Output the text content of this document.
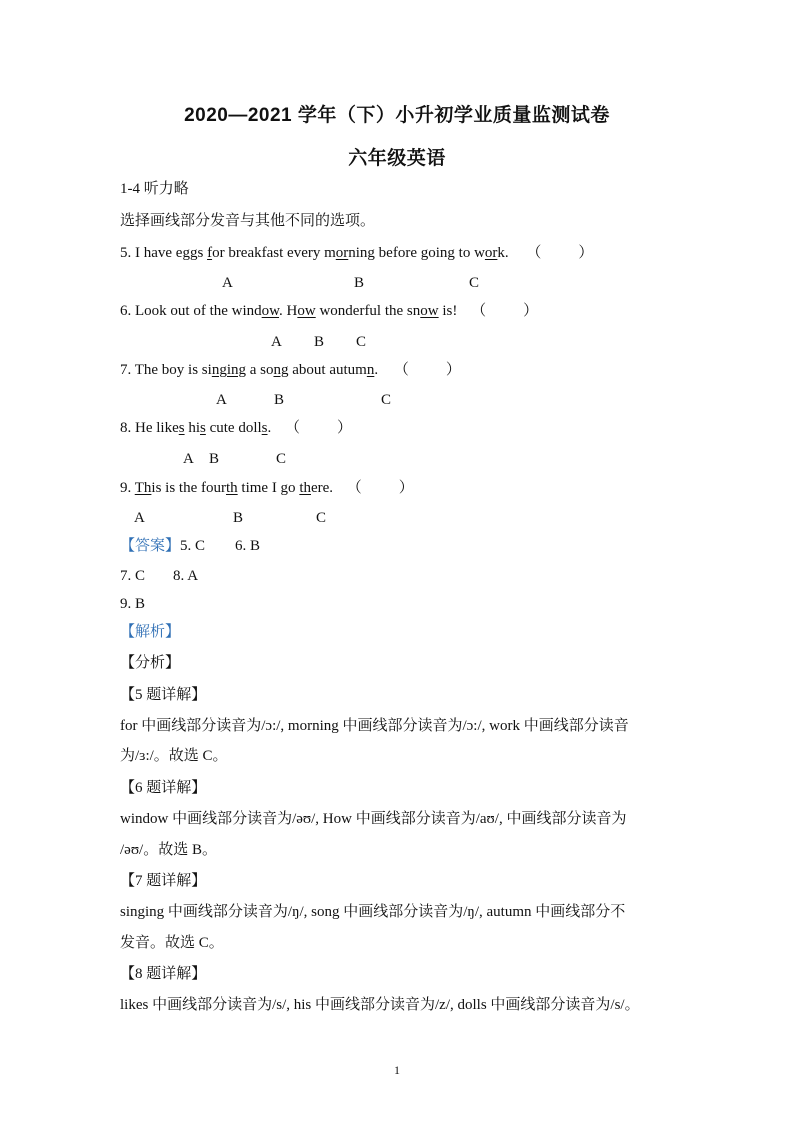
2020—2021 学年（下）小升初学业质量监测试卷
六年级英语
1-4 听力略
选择画线部分发音与其他不同的选项。
5. I have eggs for breakfast every morning before going to work. （ ）
A	B	C
6. Look out of the window. How wonderful the snow is! （ ）
A B C
7. The boy is singing a song about autumn. （ ）
A	B	C
8. He likes his cute dolls. （ ）
A B	C
9. This is the fourth time I go there. （ ）
A	B	C
【答案】5. C 6. B
7. C 8. A
9. B
【解析】
【分析】
【5 题详解】
for 中画线部分读音为/ɔ:/, morning 中画线部分读音为/ɔ:/, work 中画线部分读音
为/ɜ:/。故选 C。
【6 题详解】
window 中画线部分读音为/əʊ/, How 中画线部分读音为/aʊ/, 中画线部分读音为
/əʊ/。故选 B。
【7 题详解】
singing 中画线部分读音为/ŋ/, song 中画线部分读音为/ŋ/, autumn 中画线部分不
发音。故选 C。
【8 题详解】
likes 中画线部分读音为/s/, his 中画线部分读音为/z/, dolls 中画线部分读音为/s/。
1
